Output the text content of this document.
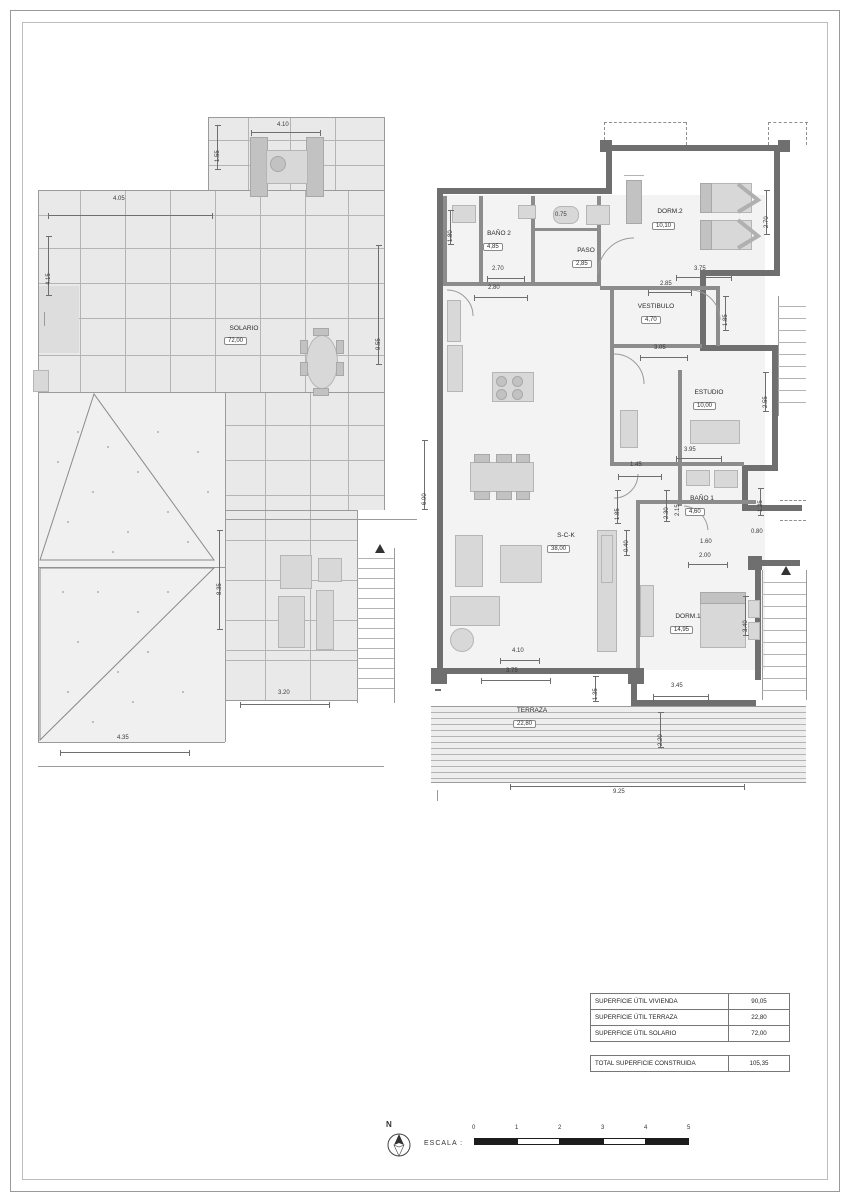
SOLARIO
72,00
4.10
1.55
4.05
4.15
9.55
8.35
3.20
4.35
DORM.2
10,10
PASO
2,85
BAÑO 2
4,85
VESTIBULO
4,70
ESTUDIO
10,00
BAÑO 1
4,60
S-C-K
38,00
DORM.1
14,95
TERRAZA
22,80
2.70
2.80
1.80
0.75
2.85
3.75
2.70
1.85
3.05
2.55
3.95
1.45
1.85	2.30 2.15	1.25
0.80
1.60
2.00
6.00
0.40
4.10
3.75
1.35
3.45
3.40
2.20
9.25
SUPERFICIE ÚTIL VIVIENDA	90,05
SUPERFICIE ÚTIL TERRAZA	22,80
SUPERFICIE ÚTIL SOLARIO	72,00
TOTAL SUPERFICIE CONSTRUIDA	105,35
N
ESCALA :
0	1	2	3	4	5
